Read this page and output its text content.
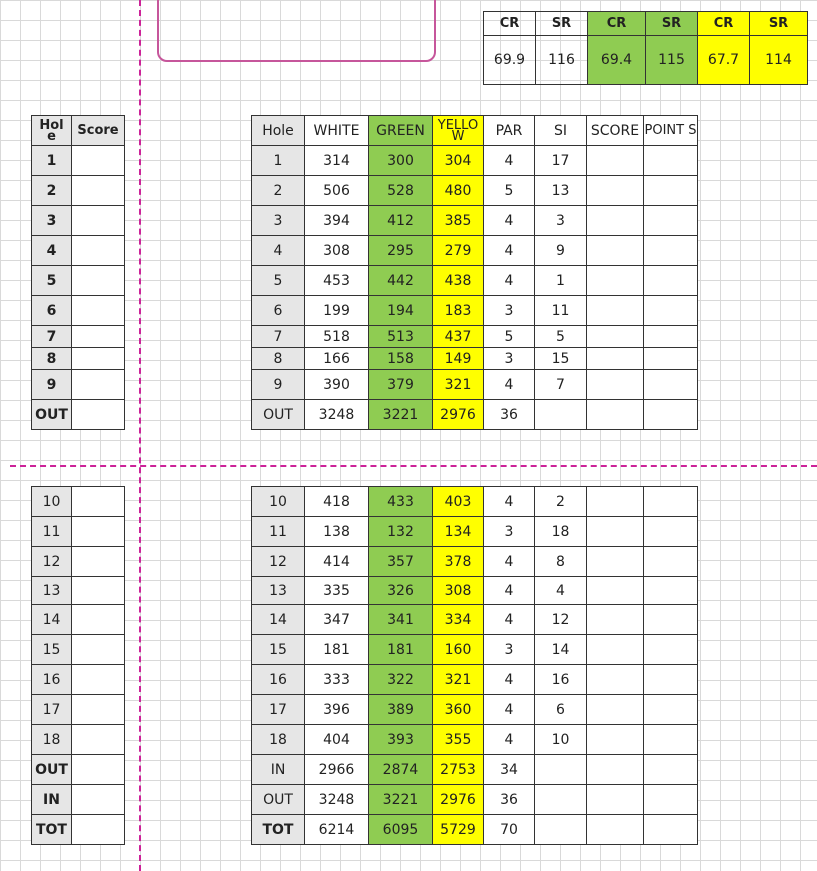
CR	SR	CR	SR	CR	SR
69.9	116	69.4	115	67.7	114
Hol
e	Score
1	
2	
3	
4	
5	
6	
7	
8	
9	
OUT	
10	
11	
12	
13	
14	
15	
16	
17	
18	
OUT	
IN	
TOT	
Hole	WHITE	GREEN	YELLO W	PAR	SI	SCORE	POINT S
1	314	300	304	4	17		
2	506	528	480	5	13		
3	394	412	385	4	3		
4	308	295	279	4	9		
5	453	442	438	4	1		
6	199	194	183	3	11		
7	518	513	437	5	5		
8	166	158	149	3	15		
9	390	379	321	4	7		
OUT	3248	3221	2976	36			
10	418	433	403	4	2		
11	138	132	134	3	18		
12	414	357	378	4	8		
13	335	326	308	4	4		
14	347	341	334	4	12		
15	181	181	160	3	14		
16	333	322	321	4	16		
17	396	389	360	4	6		
18	404	393	355	4	10		
IN	2966	2874	2753	34			
OUT	3248	3221	2976	36			
TOT	6214	6095	5729	70			
